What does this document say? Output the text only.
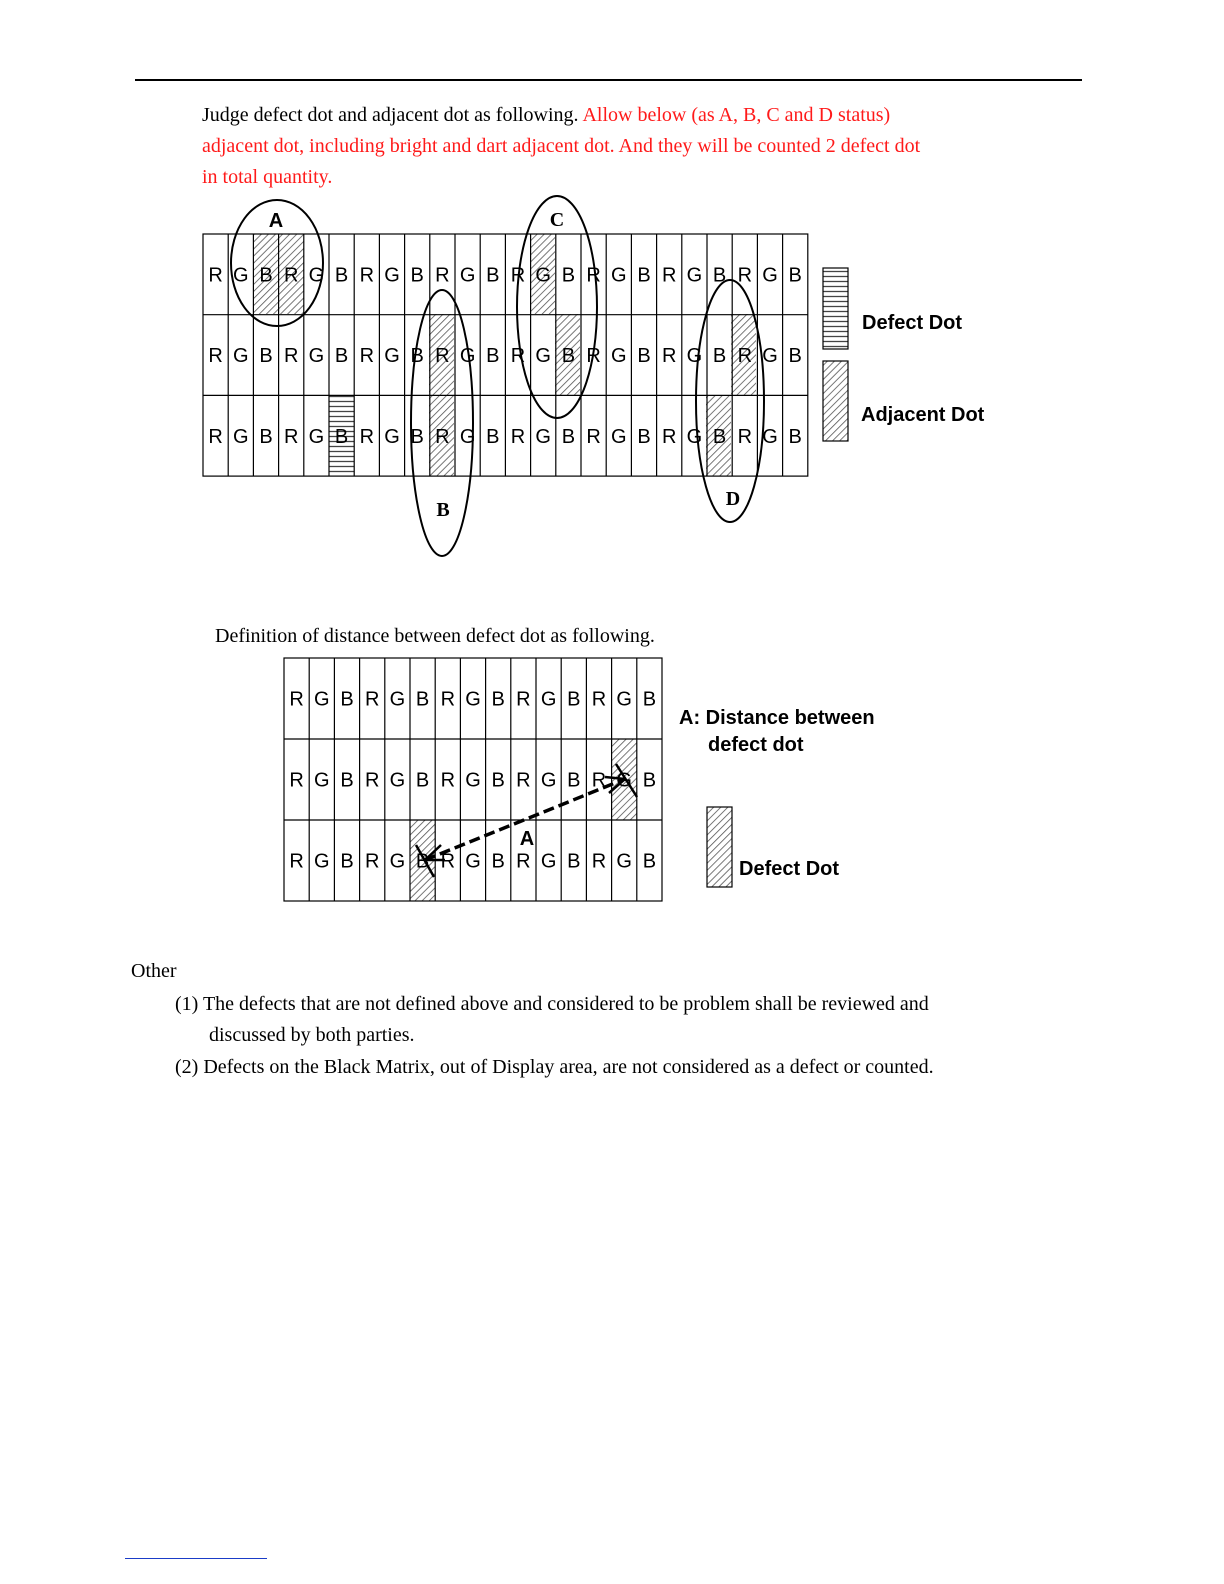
Judge defect dot and adjacent dot as following. Allow below (as A, B, C and D status)
adjacent dot, including bright and dart adjacent dot. And they will be counted 2 defect dot
in total quantity.
R G B R G B R G B R G B R G B R G B R G B R G B
R G B R G B R G B R G B R G B R G B R G B R G B
R G B R G B R G B R G B R G B R G B R G B R G B
A
B
C
D
Defect Dot
Adjacent Dot
R G B R G B R G B R G B R G B
R G B R G B R G B R G B R G B
R G B R G B R G B R G B R G B
A
A: Distance between
defect dot
Defect Dot
Definition of distance between defect dot as following.
Other
(1) The defects that are not defined above and considered to be problem shall be reviewed and
discussed by both parties.
(2) Defects on the Black Matrix, out of Display area, are not considered as a defect or counted.
